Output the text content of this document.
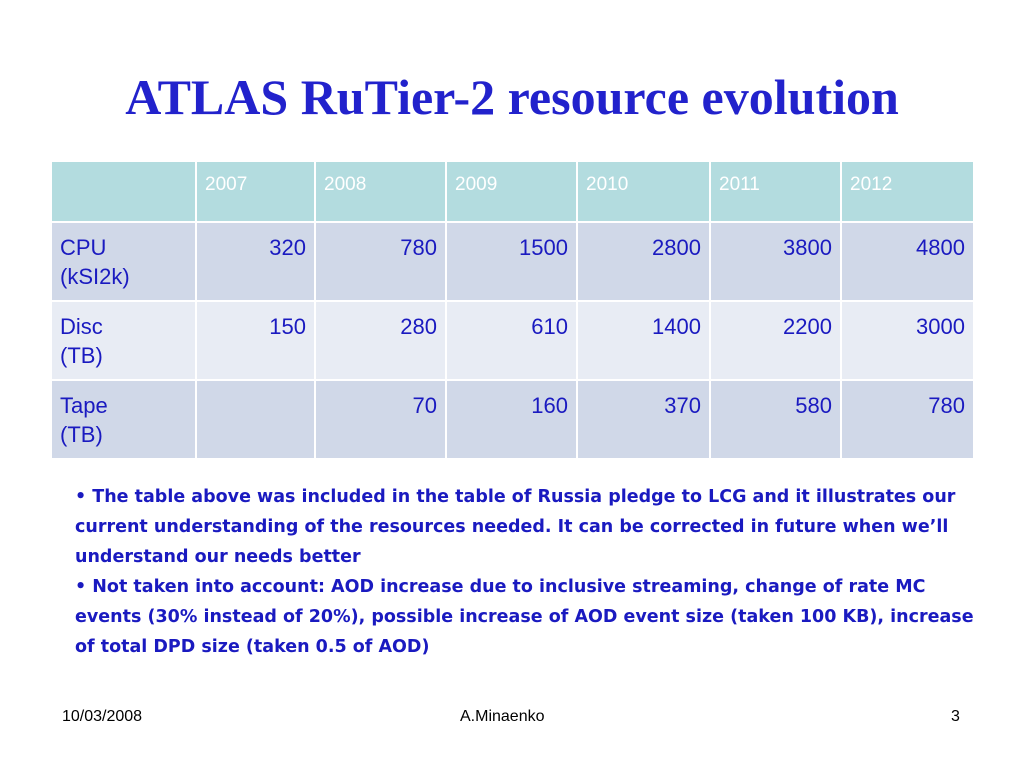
ATLAS RuTier-2 resource evolution
	2007	2008	2009	2010	2011	2012
CPU
(kSI2k)	320	780	1500	2800	3800	4800
Disc
(TB)	150	280	610	1400	2200	3000
Tape
(TB)		70	160	370	580	780

• The table above was included in the table of Russia pledge to LCG and it illustrates our current understanding of the resources needed. It can be corrected in future when we’ll understand our needs better

• Not taken into account: AOD increase due to inclusive streaming, change of rate MC events (30% instead of 20%), possible increase of AOD event size (taken 100 KB), increase of total DPD size (taken 0.5 of AOD)

10/03/2008	A.Minaenko	3
